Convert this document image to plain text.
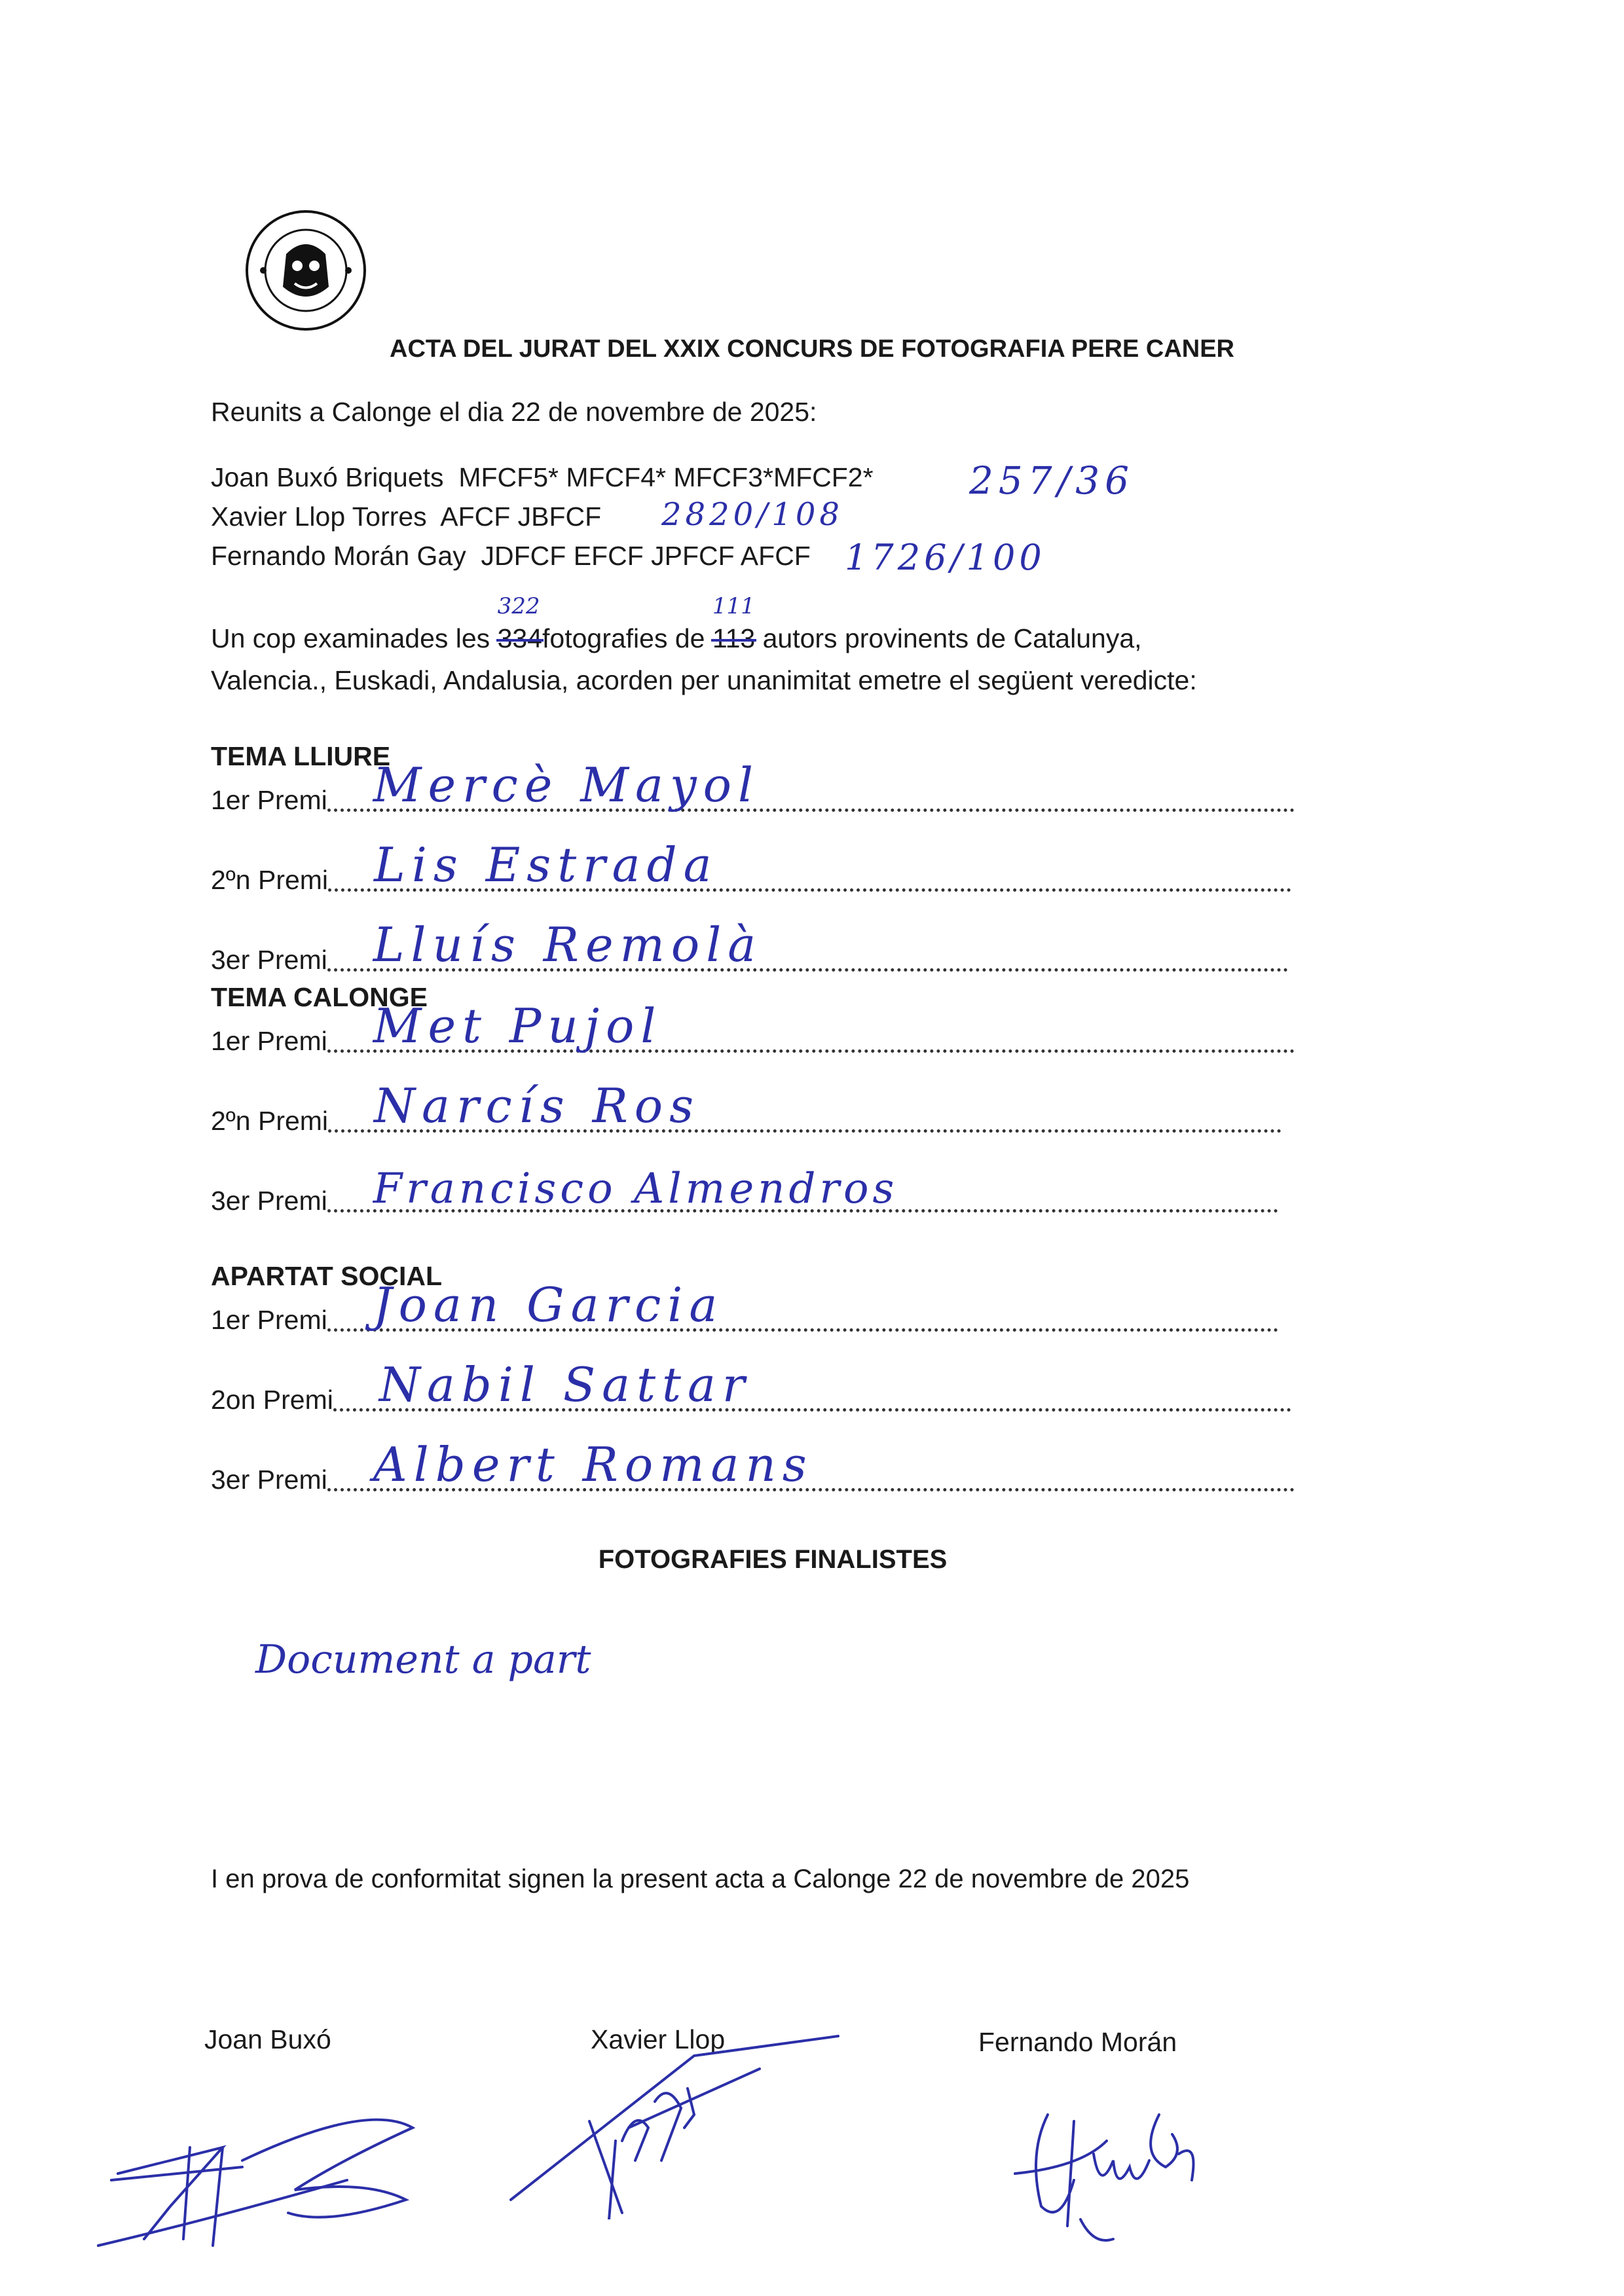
ACTA DEL JURAT DEL XXIX CONCURS DE FOTOGRAFIA PERE CANER
Reunits a Calonge el dia 22 de novembre de 2025:
Joan Buxó Briquets MFCF5* MFCF4* MFCF3*MFCF2*	257/36
Xavier Llop Torres AFCF JBFCF 2820/108
Fernando Morán Gay JDFCF EFCF JPFCF AFCF 1726/100
Un cop examinades les 334
322
fotografies de 113
111
autors provinents de Catalunya,
Valencia., Euskadi, Andalusia, acorden per unanimitat emetre el següent veredicte:
TEMA LLIURE
1er Premi Mercè Mayol
2ºn Premi Lis Estrada
3er Premi Lluís Remolà
TEMA CALONGE
1er Premi Met Pujol
2ºn Premi Narcís Ros
3er Premi Francisco Almendros
APARTAT SOCIAL
1er Premi Joan Garcia
2on Premi Nabil Sattar
3er Premi Albert Romans
FOTOGRAFIES FINALISTES
Document a part
I en prova de conformitat signen la present acta a Calonge 22 de novembre de 2025
Joan Buxó	Xavier Llop	Fernando Morán
